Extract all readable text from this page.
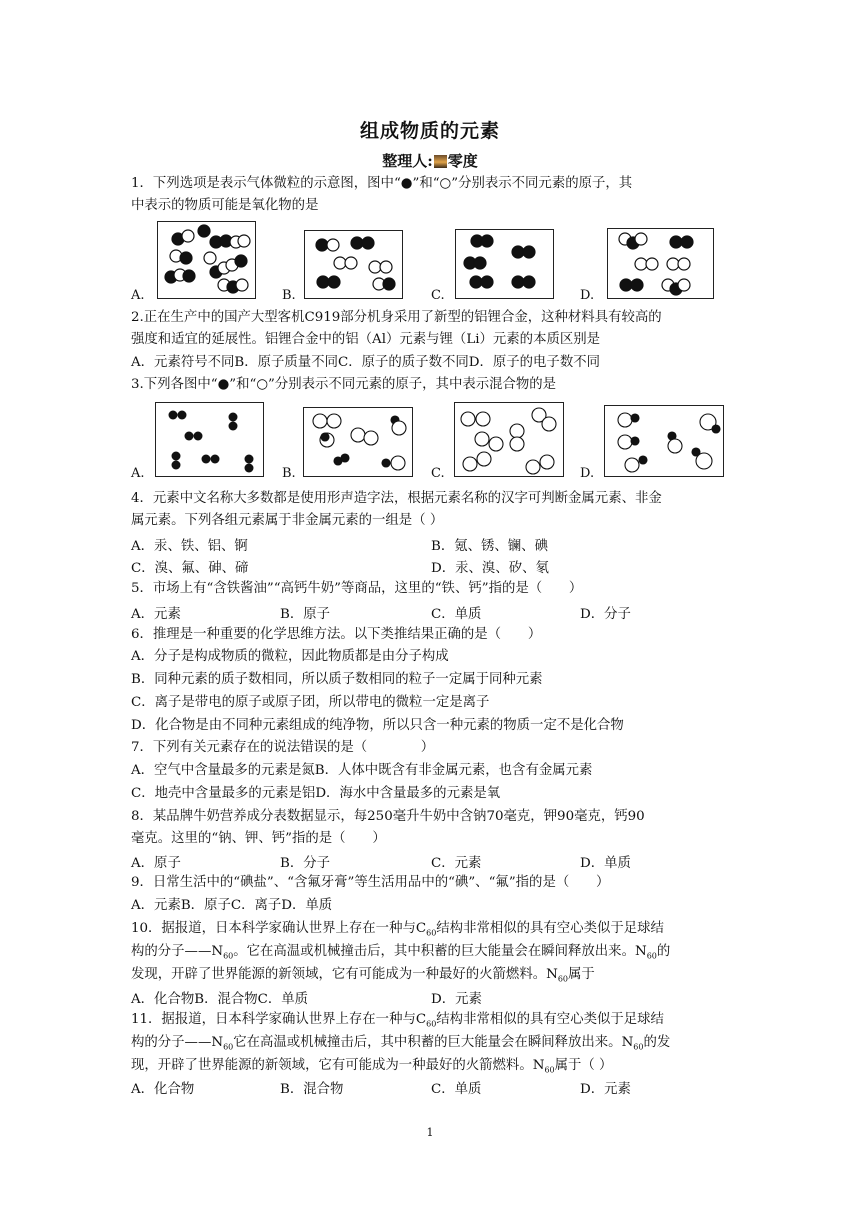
组成物质的元素
整理人: 零度
1．下列选项是表示气体微粒的示意图，图中“●”和“○”分别表示不同元素的原子，其
中表示的物质可能是氧化物的是
A.	B.	C.	D.
2.正在生产中的国产大型客机C919部分机身采用了新型的铝锂合金，这种材料具有较高的
强度和适宜的延展性。铝锂合金中的铝（Al）元素与锂（Li）元素的本质区别是
A．元素符号不同B．原子质量不同C．原子的质子数不同D．原子的电子数不同
3.下列各图中“●”和“○”分别表示不同元素的原子，其中表示混合物的是
A.	B.	C.	D.
4．元素中文名称大多数都是使用形声造字法，根据元素名称的汉字可判断金属元素、非金
属元素。下列各组元素属于非金属元素的一组是（ ）
A．汞、铁、铝、锕	B．氪、锈、镧、碘
C．溴、氟、砷、碲	D．汞、溴、矽、氡
5．市场上有“含铁酱油”“高钙牛奶”等商品，这里的“铁、钙”指的是（　　）
A．元素	B．原子	C．单质	D．分子
6．推理是一种重要的化学思维方法。以下类推结果正确的是（　　）
A．分子是构成物质的微粒，因此物质都是由分子构成
B．同种元素的质子数相同，所以质子数相同的粒子一定属于同种元素
C．离子是带电的原子或原子团，所以带电的微粒一定是离子
D．化合物是由不同种元素组成的纯净物，所以只含一种元素的物质一定不是化合物
7．下列有关元素存在的说法错误的是（　　　　）
A．空气中含量最多的元素是氮B．人体中既含有非金属元素，也含有金属元素
C．地壳中含量最多的元素是铝D．海水中含量最多的元素是氧
8．某品牌牛奶营养成分表数据显示，每250毫升牛奶中含钠70毫克，钾90毫克，钙90
毫克。这里的“钠、钾、钙”指的是（　　）
A．原子	B．分子	C．元素	D．单质
9．日常生活中的“碘盐”、“含氟牙膏”等生活用品中的“碘”、“氟”指的是（　　）
A．元素B．原子C．离子D．单质
10．据报道，日本科学家确认世界上存在一种与$C_{60}$结构非常相似的具有空心类似于足球结
构的分子$——N_{60}$。它在高温或机械撞击后，其中积蓄的巨大能量会在瞬间释放出来。$N_{60}$的
发现，开辟了世界能源的新领域，它有可能成为一种最好的火箭燃料。$N_{60}$属于
A．化合物B．混合物C．单质	D．元素
11．据报道，日本科学家确认世界上存在一种与$C_{60}$结构非常相似的具有空心类似于足球结
构的分子$——N_{60}$它在高温或机械撞击后，其中积蓄的巨大能量会在瞬间释放出来。$N_{60}$的发
现，开辟了世界能源的新领域，它有可能成为一种最好的火箭燃料。$N_{60}$属于（ ）
A．化合物	B．混合物	C．单质	D．元素
1
